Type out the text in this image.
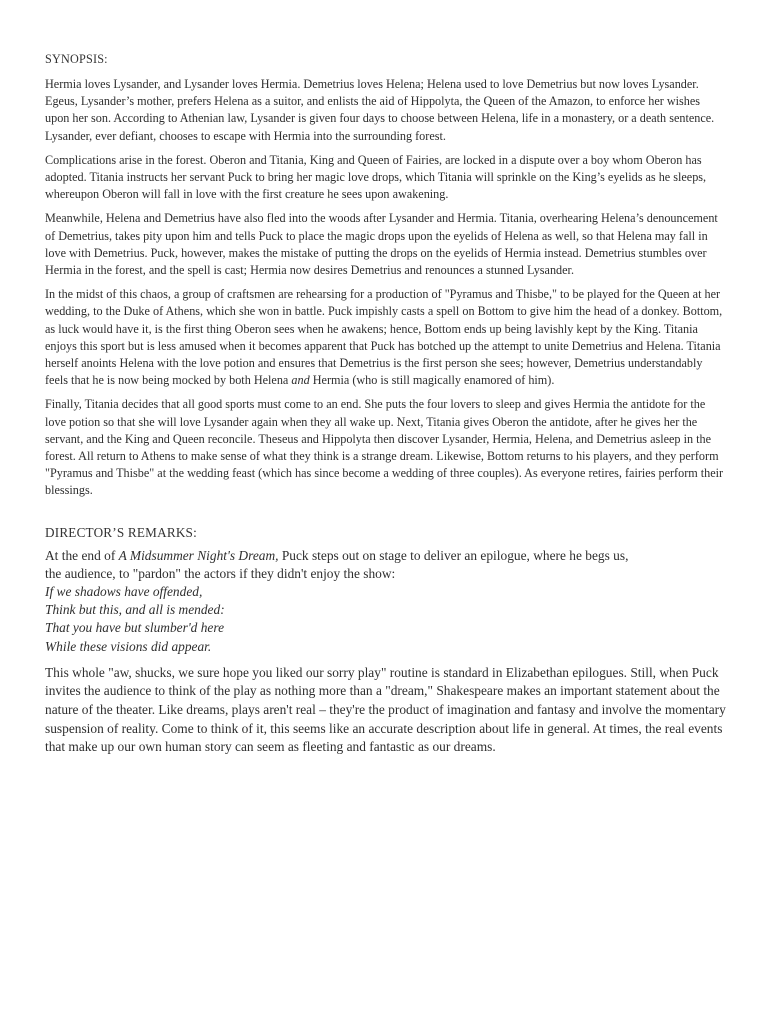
SYNOPSIS:

Hermia loves Lysander, and Lysander loves Hermia. Demetrius loves Helena; Helena used to love Demetrius but now loves Lysander. Egeus, Lysander’s mother, prefers Helena as a suitor, and enlists the aid of Hippolyta, the Queen of the Amazon, to enforce her wishes upon her son. According to Athenian law, Lysander is given four days to choose between Helena, life in a monastery, or a death sentence. Lysander, ever defiant, chooses to escape with Hermia into the surrounding forest.

Complications arise in the forest. Oberon and Titania, King and Queen of Fairies, are locked in a dispute over a boy whom Oberon has adopted. Titania instructs her servant Puck to bring her magic love drops, which Titania will sprinkle on the King’s eyelids as he sleeps, whereupon Oberon will fall in love with the first creature he sees upon awakening.

Meanwhile, Helena and Demetrius have also fled into the woods after Lysander and Hermia. Titania, overhearing Helena’s denouncement of Demetrius, takes pity upon him and tells Puck to place the magic drops upon the eyelids of Helena as well, so that Helena may fall in love with Demetrius. Puck, however, makes the mistake of putting the drops on the eyelids of Hermia instead. Demetrius stumbles over Hermia in the forest, and the spell is cast; Hermia now desires Demetrius and renounces a stunned Lysander.

In the midst of this chaos, a group of craftsmen are rehearsing for a production of "Pyramus and Thisbe," to be played for the Queen at her wedding, to the Duke of Athens, which she won in battle. Puck impishly casts a spell on Bottom to give him the head of a donkey. Bottom, as luck would have it, is the first thing Oberon sees when he awakens; hence, Bottom ends up being lavishly kept by the King. Titania enjoys this sport but is less amused when it becomes apparent that Puck has botched up the attempt to unite Demetrius and Helena. Titania herself anoints Helena with the love potion and ensures that Demetrius is the first person she sees; however, Demetrius understandably feels that he is now being mocked by both Helena and Hermia (who is still magically enamored of him).

Finally, Titania decides that all good sports must come to an end. She puts the four lovers to sleep and gives Hermia the antidote for the love potion so that she will love Lysander again when they all wake up. Next, Titania gives Oberon the antidote, after he gives her the servant, and the King and Queen reconcile. Theseus and Hippolyta then discover Lysander, Hermia, Helena, and Demetrius asleep in the forest. All return to Athens to make sense of what they think is a strange dream. Likewise, Bottom returns to his players, and they perform "Pyramus and Thisbe" at the wedding feast (which has since become a wedding of three couples). As everyone retires, fairies perform their blessings.

DIRECTOR’S REMARKS:

At the end of A Midsummer Night's Dream, Puck steps out on stage to deliver an epilogue, where he begs us, the audience, to "pardon" the actors if they didn't enjoy the show:

If we shadows have offended,
Think but this, and all is mended:
That you have but slumber'd here
While these visions did appear.

This whole "aw, shucks, we sure hope you liked our sorry play" routine is standard in Elizabethan epilogues. Still, when Puck invites the audience to think of the play as nothing more than a "dream," Shakespeare makes an important statement about the nature of the theater. Like dreams, plays aren't real – they're the product of imagination and fantasy and involve the momentary suspension of reality. Come to think of it, this seems like an accurate description about life in general. At times, the real events that make up our own human story can seem as fleeting and fantastic as our dreams.
